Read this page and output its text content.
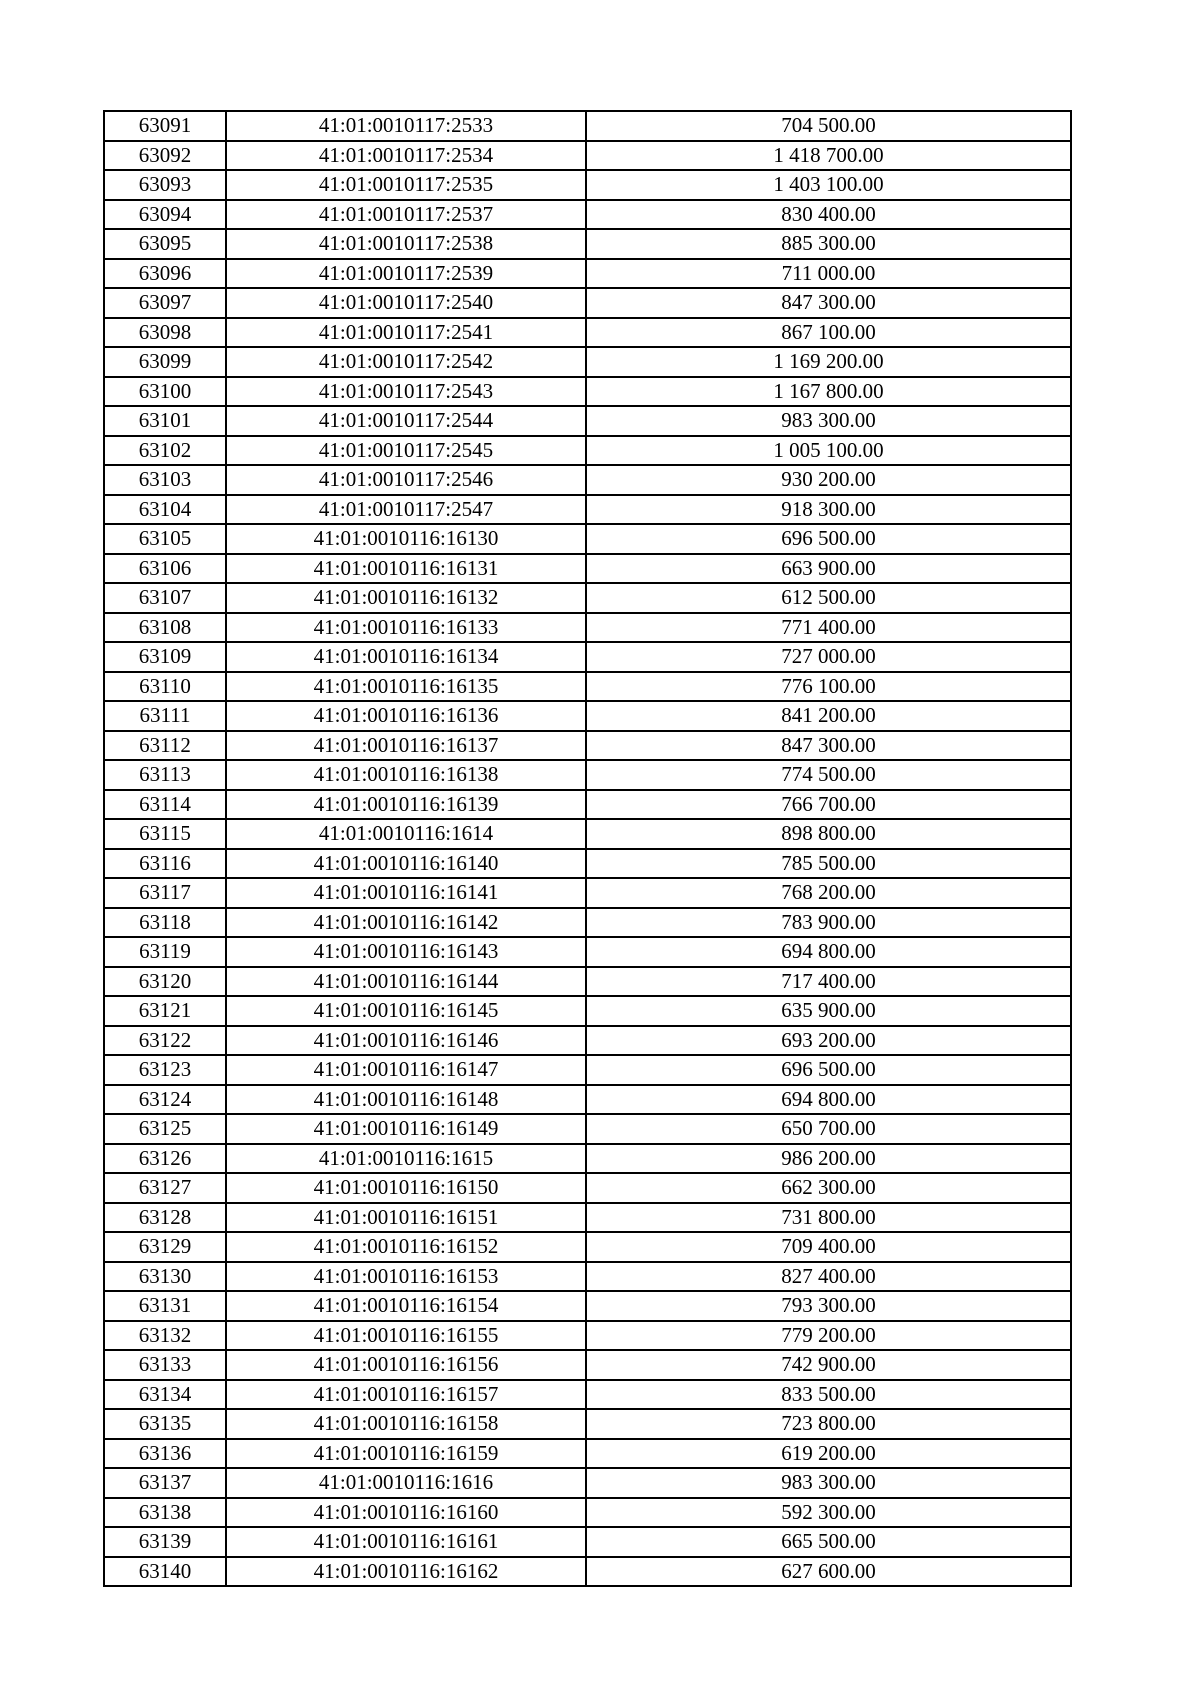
63091	41:01:0010117:2533	704 500.00
63092	41:01:0010117:2534	1 418 700.00
63093	41:01:0010117:2535	1 403 100.00
63094	41:01:0010117:2537	830 400.00
63095	41:01:0010117:2538	885 300.00
63096	41:01:0010117:2539	711 000.00
63097	41:01:0010117:2540	847 300.00
63098	41:01:0010117:2541	867 100.00
63099	41:01:0010117:2542	1 169 200.00
63100	41:01:0010117:2543	1 167 800.00
63101	41:01:0010117:2544	983 300.00
63102	41:01:0010117:2545	1 005 100.00
63103	41:01:0010117:2546	930 200.00
63104	41:01:0010117:2547	918 300.00
63105	41:01:0010116:16130	696 500.00
63106	41:01:0010116:16131	663 900.00
63107	41:01:0010116:16132	612 500.00
63108	41:01:0010116:16133	771 400.00
63109	41:01:0010116:16134	727 000.00
63110	41:01:0010116:16135	776 100.00
63111	41:01:0010116:16136	841 200.00
63112	41:01:0010116:16137	847 300.00
63113	41:01:0010116:16138	774 500.00
63114	41:01:0010116:16139	766 700.00
63115	41:01:0010116:1614	898 800.00
63116	41:01:0010116:16140	785 500.00
63117	41:01:0010116:16141	768 200.00
63118	41:01:0010116:16142	783 900.00
63119	41:01:0010116:16143	694 800.00
63120	41:01:0010116:16144	717 400.00
63121	41:01:0010116:16145	635 900.00
63122	41:01:0010116:16146	693 200.00
63123	41:01:0010116:16147	696 500.00
63124	41:01:0010116:16148	694 800.00
63125	41:01:0010116:16149	650 700.00
63126	41:01:0010116:1615	986 200.00
63127	41:01:0010116:16150	662 300.00
63128	41:01:0010116:16151	731 800.00
63129	41:01:0010116:16152	709 400.00
63130	41:01:0010116:16153	827 400.00
63131	41:01:0010116:16154	793 300.00
63132	41:01:0010116:16155	779 200.00
63133	41:01:0010116:16156	742 900.00
63134	41:01:0010116:16157	833 500.00
63135	41:01:0010116:16158	723 800.00
63136	41:01:0010116:16159	619 200.00
63137	41:01:0010116:1616	983 300.00
63138	41:01:0010116:16160	592 300.00
63139	41:01:0010116:16161	665 500.00
63140	41:01:0010116:16162	627 600.00
